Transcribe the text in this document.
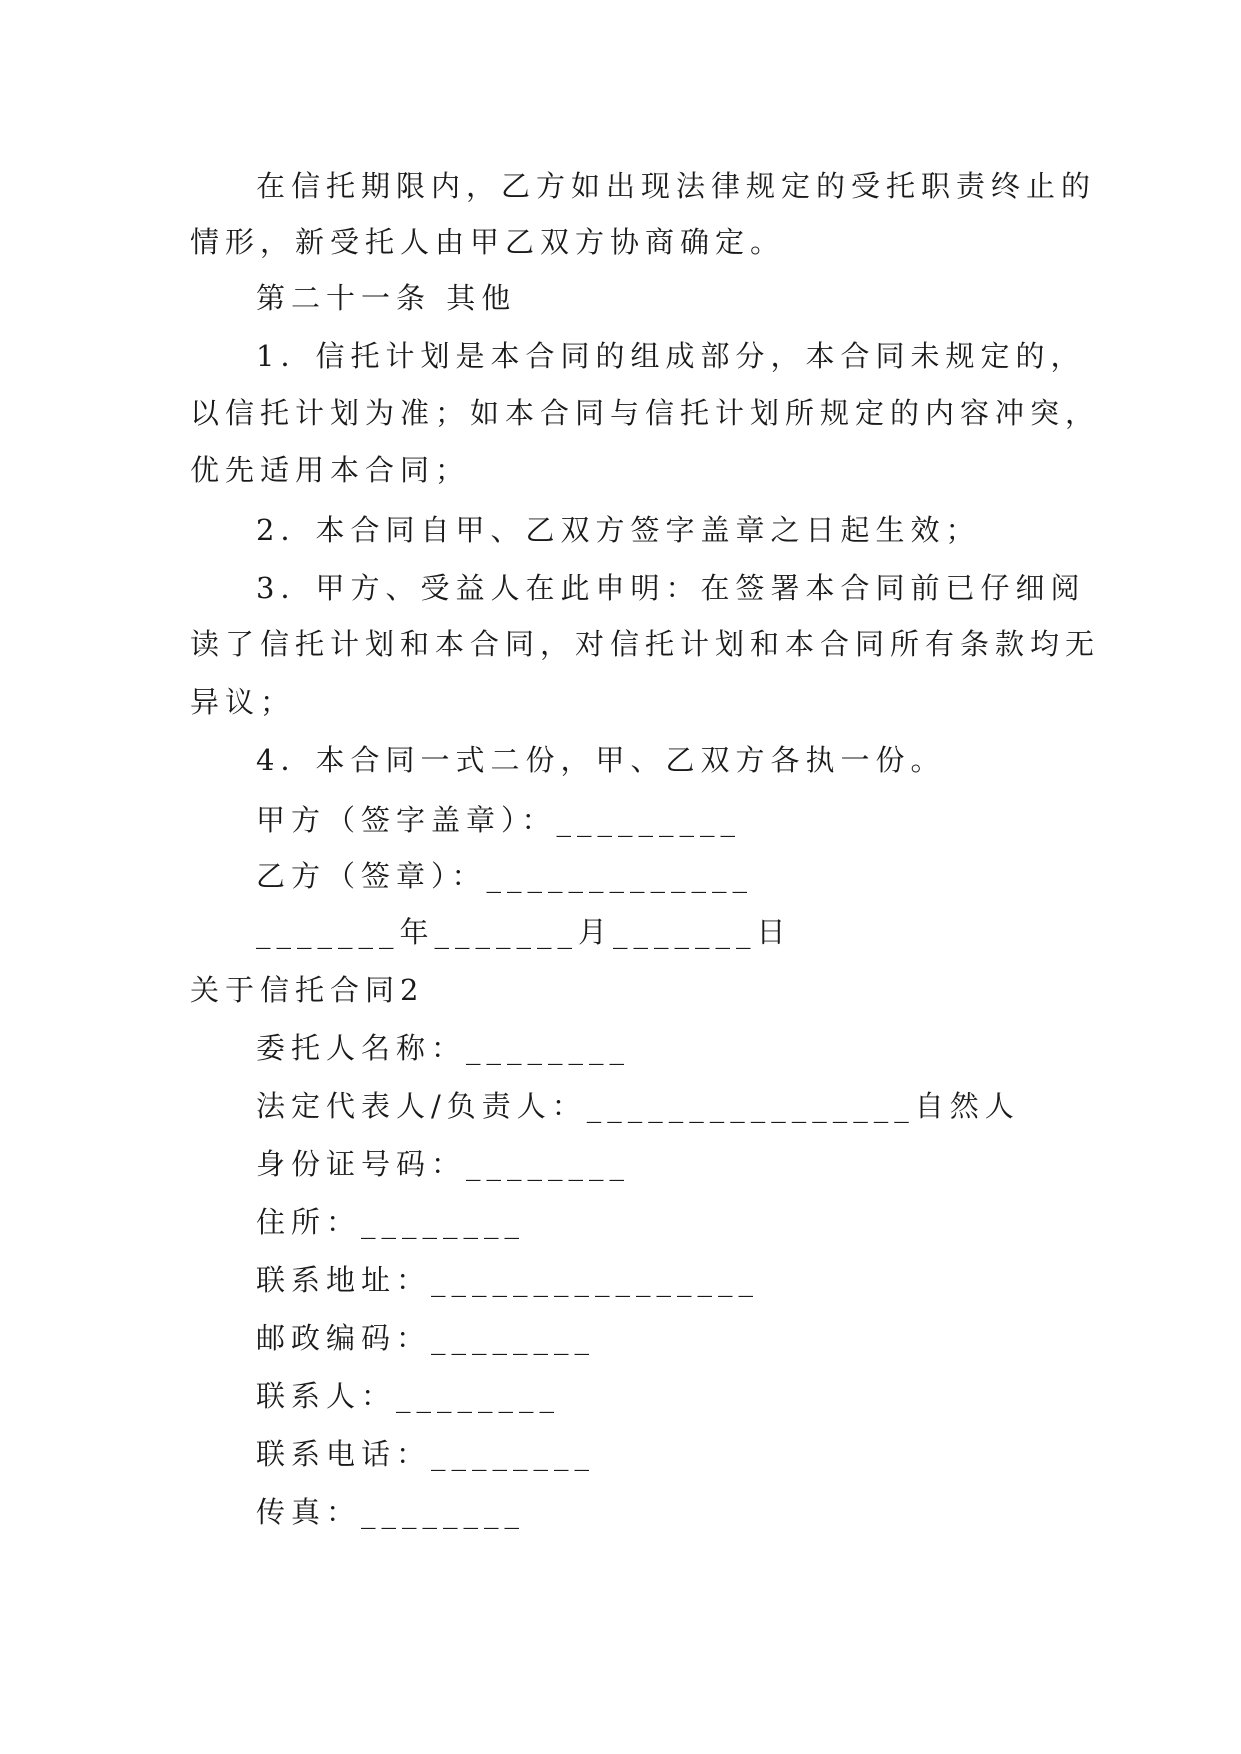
在信托期限内，乙方如出现法律规定的受托职责终止的
情形，新受托人由甲乙双方协商确定。
第二十一条 其他
1．信托计划是本合同的组成部分，本合同未规定的，
以信托计划为准；如本合同与信托计划所规定的内容冲突，
优先适用本合同；
2．本合同自甲、乙双方签字盖章之日起生效；
3．甲方、受益人在此申明：在签署本合同前已仔细阅
读了信托计划和本合同，对信托计划和本合同所有条款均无
异议；
4．本合同一式二份，甲、乙双方各执一份。
甲方（签字盖章）：_________
乙方（签章）：_____________
_______年_______月_______日
关于信托合同2
委托人名称：________
法定代表人/负责人：________________自然人
身份证号码：________
住所：________
联系地址：________________
邮政编码：________
联系人：________
联系电话：________
传真：________
